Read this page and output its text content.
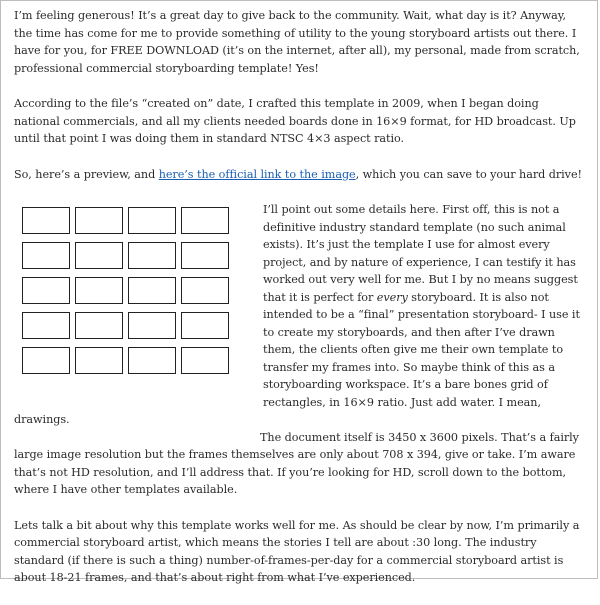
I’m feeling generous! It’s a great day to give back to the community. Wait, what day is it? Anyway, the time has come for me to provide something of utility to the young storyboard artists out there. I have for you, for FREE DOWNLOAD (it’s on the internet, after all), my personal, made from scratch, professional commercial storyboarding template! Yes!

According to the file’s “created on” date, I crafted this template in 2009, when I began doing national commercials, and all my clients needed boards done in 16×9 format, for HD broadcast. Up until that point I was doing them in standard NTSC 4×3 aspect ratio.

So, here’s a preview, and here’s the official link to the image, which you can save to your hard drive!

I’ll point out some details here. First off, this is not a definitive industry standard template (no such animal exists). It’s just the template I use for almost every project, and by nature of experience, I can testify it has worked out very well for me. But I by no means suggest that it is perfect for every storyboard. It is also not intended to be a “final” presentation storyboard- I use it to create my storyboards, and then after I’ve drawn them, the clients often give me their own template to transfer my frames into. So maybe think of this as a storyboarding workspace. It’s a bare bones grid of rectangles, in 16×9 ratio. Just add water. I mean, drawings.

The document itself is 3450 x 3600 pixels. That’s a fairly large image resolution but the frames themselves are only about 708 x 394, give or take. I’m aware that’s not HD resolution, and I’ll address that. If you’re looking for HD, scroll down to the bottom, where I have other templates available.

Lets talk a bit about why this template works well for me. As should be clear by now, I’m primarily a commercial storyboard artist, which means the stories I tell are about :30 long. The industry standard (if there is such a thing) number-of-frames-per-day for a commercial storyboard artist is about 18-21 frames, and that’s about right from what I’ve experienced.
